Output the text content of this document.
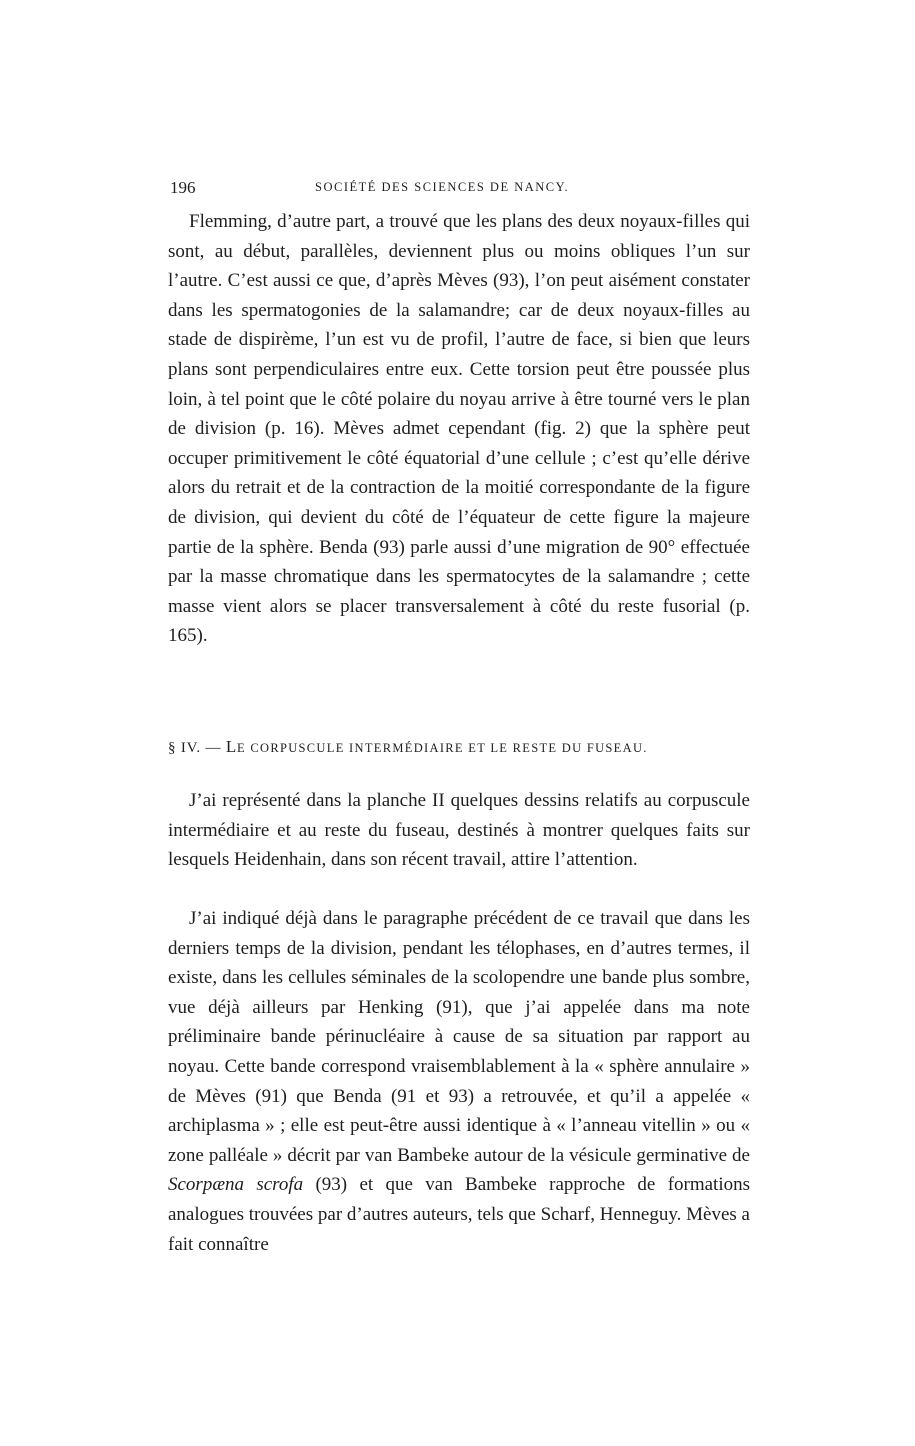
196	SOCIÉTÉ DES SCIENCES DE NANCY.

Flemming, d’autre part, a trouvé que les plans des deux noyaux-filles qui sont, au début, parallèles, deviennent plus ou moins obliques l’un sur l’autre. C’est aussi ce que, d’après Mèves (93), l’on peut aisément constater dans les spermatogonies de la salamandre; car de deux noyaux-filles au stade de dispirème, l’un est vu de profil, l’autre de face, si bien que leurs plans sont perpendiculaires entre eux. Cette torsion peut être poussée plus loin, à tel point que le côté polaire du noyau arrive à être tourné vers le plan de division (p. 16). Mèves admet cependant (fig. 2) que la sphère peut occuper primitivement le côté équatorial d’une cellule ; c’est qu’elle dérive alors du retrait et de la contraction de la moitié correspondante de la figure de division, qui devient du côté de l’équateur de cette figure la majeure partie de la sphère. Benda (93) parle aussi d’une migration de 90° effectuée par la masse chromatique dans les spermatocytes de la salamandre ; cette masse vient alors se placer transversalement à côté du reste fusorial (p. 165).

§ IV. — LE CORPUSCULE INTERMÉDIAIRE ET LE RESTE DU FUSEAU.

J’ai représenté dans la planche II quelques dessins relatifs au corpuscule intermédiaire et au reste du fuseau, destinés à montrer quelques faits sur lesquels Heidenhain, dans son récent travail, attire l’attention.

J’ai indiqué déjà dans le paragraphe précédent de ce travail que dans les derniers temps de la division, pendant les télophases, en d’autres termes, il existe, dans les cellules séminales de la scolopendre une bande plus sombre, vue déjà ailleurs par Henking (91), que j’ai appelée dans ma note préliminaire bande périnucléaire à cause de sa situation par rapport au noyau. Cette bande correspond vraisemblablement à la « sphère annulaire » de Mèves (91) que Benda (91 et 93) a retrouvée, et qu’il a appelée « archiplasma » ; elle est peut-être aussi identique à « l’anneau vitellin » ou « zone palléale » décrit par van Bambeke autour de la vésicule germinative de Scorpæna scrofa (93) et que van Bambeke rapproche de formations analogues trouvées par d’autres auteurs, tels que Scharf, Henneguy. Mèves a fait connaître
